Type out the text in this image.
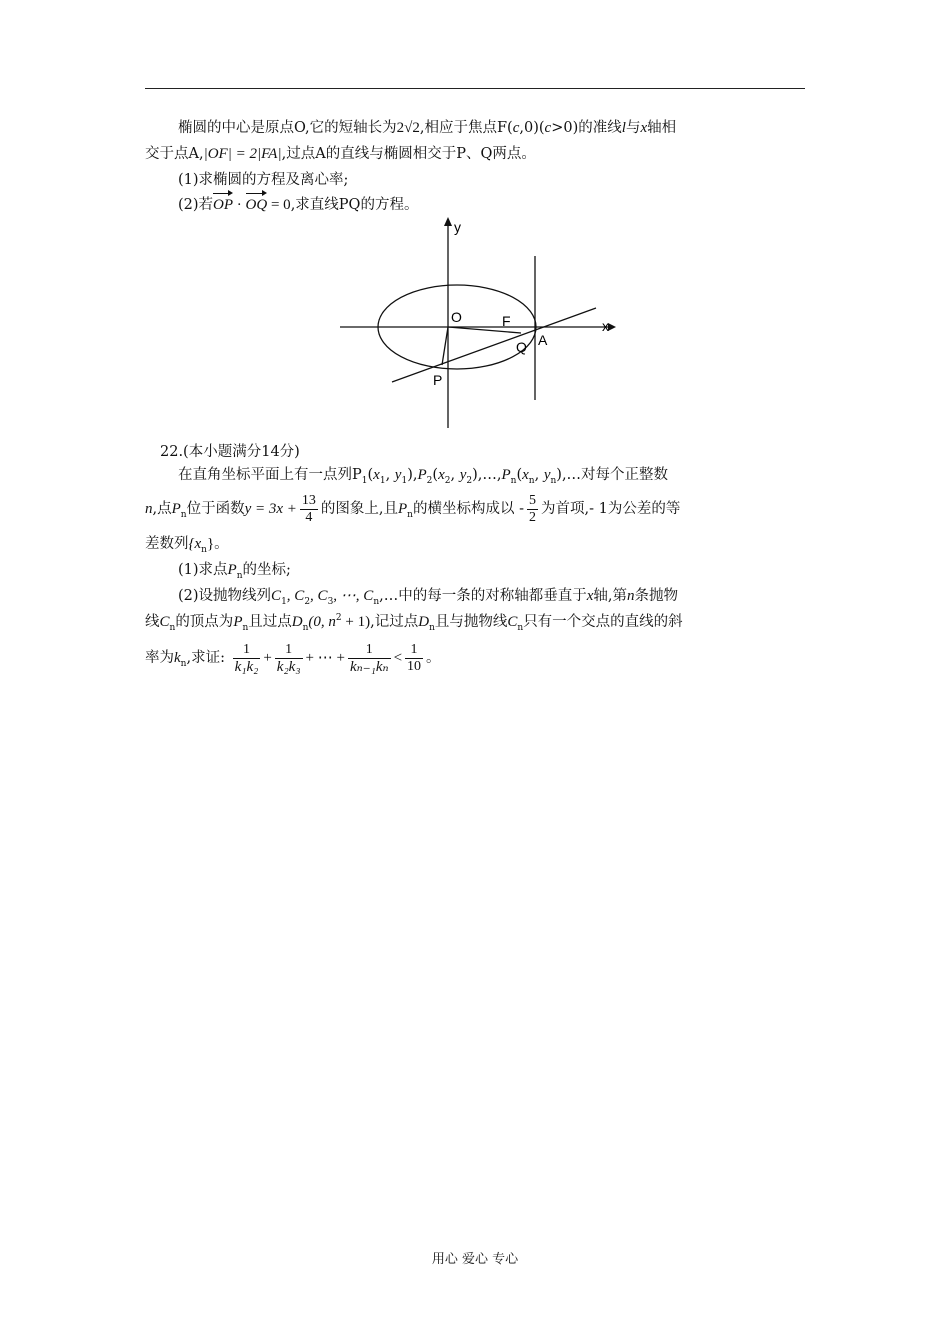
椭圆的中心是原点O,它的短轴长为2√2,相应于焦点F(c,0)(c>0)的准线l与x轴相
交于点A,|OF| = 2|FA|,过点A的直线与椭圆相交于P、Q两点。
(1)求椭圆的方程及离心率;
(2)若OP · OQ = 0,求直线PQ的方程。
y
x
O	F
Q A
P
22.(本小题满分14分)
在直角坐标平面上有一点列$P_1(x_1$, $y_1),P_2(x_2$, $y_2),\dots,P_n(x_n$, $y_n),\dots$对每个正整数
n,点$P_n$位于函数$y = 3x + \frac{13}{4}$ 的图象上,且$P_n$的横坐标构成以 - $\frac{5}{2}$ 为首项,- 1为公差的等
差数列$\{x_n\}$。
(1)求点$P_n$的坐标;
(2)设抛物线列$C_1$, $C_2$, $C_3$, ⋯, $C_n,\dots$中的每一条的对称轴都垂直于x轴,第n条抛物
线$C_n$的顶点为$P_n$且过点$D_n(0$, $n^2 + 1$),记过点$D_n$且与抛物线$C_n$只有一个交点的直线的斜
率为$k_n$,求证: $\frac{1}{\text{k₁k₂}} + \frac{1}{\text{k₂k₃}}$ + ⋯ + $\frac{1}{\text{kₙ₋₁kₙ}} < \frac{1}{10}$ 。
用心 爱心 专心
